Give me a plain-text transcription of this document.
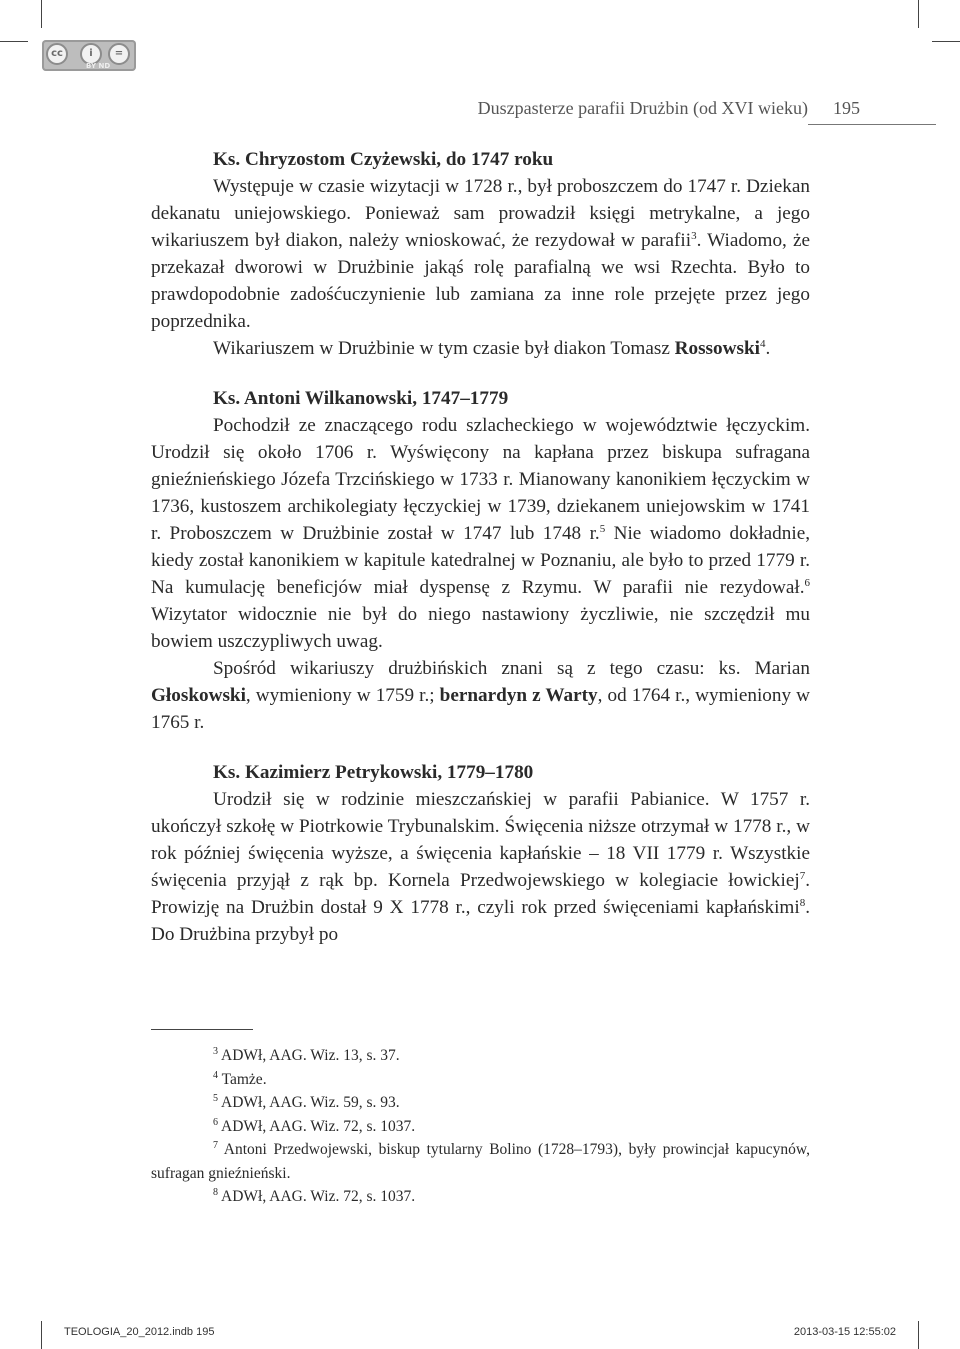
cc	i	=
BY ND
Duszpasterze parafii Drużbin (od XVI wieku) 195
Ks. Chryzostom Czyżewski, do 1747 roku

Występuje w czasie wizytacji w 1728 r., był proboszczem do 1747 r. Dziekan dekanatu uniejowskiego. Ponieważ sam prowadził księgi metrykalne, a jego wikariuszem był diakon, należy wnioskować, że rezydował w parafii$^3$. Wiadomo, że przekazał dworowi w Drużbinie jakąś rolę parafialną we wsi Rzechta. Było to prawdopodobnie zadośćuczynienie lub zamiana za inne role przejęte przez jego poprzednika.

Wikariuszem w Drużbinie w tym czasie był diakon Tomasz Rossowski$^4$.

Ks. Antoni Wilkanowski, 1747–1779

Pochodził ze znaczącego rodu szlacheckiego w województwie łęczyckim. Urodził się około 1706 r. Wyświęcony na kapłana przez biskupa sufragana gnieźnieńskiego Józefa Trzcińskiego w 1733 r. Mianowany kanonikiem łęczyckim w 1736, kustoszem archikolegiaty łęczyckiej w 1739, dziekanem uniejowskim w 1741 r. Proboszczem w Drużbinie został w 1747 lub 1748 r.$^5$ Nie wiadomo dokładnie, kiedy został kanonikiem w kapitule katedralnej w Poznaniu, ale było to przed 1779 r. Na kumulację beneficjów miał dyspensę z Rzymu. W parafii nie rezydował.$^6$ Wizytator widocznie nie był do niego nastawiony życzliwie, nie szczędził mu bowiem uszczypliwych uwag.

Spośród wikariuszy drużbińskich znani są z tego czasu: ks. Marian Głoskowski, wymieniony w 1759 r.; bernardyn z Warty, od 1764 r., wymieniony w 1765 r.

Ks. Kazimierz Petrykowski, 1779–1780

Urodził się w rodzinie mieszczańskiej w parafii Pabianice. W 1757 r. ukończył szkołę w Piotrkowie Trybunalskim. Święcenia niższe otrzymał w 1778 r., w rok później święcenia wyższe, a święcenia kapłańskie – 18 VII 1779 r. Wszystkie święcenia przyjął z rąk bp. Kornela Przedwojewskiego w kolegiacie łowickiej$^7$. Prowizję na Drużbin dostał 9 X 1778 r., czyli rok przed święceniami kapłańskimi$^8$. Do Drużbina przybył po

$^3$ ADWł, AAG. Wiz. 13, s. 37.
$^4$ Tamże.
$^5$ ADWł, AAG. Wiz. 59, s. 93.
$^6$ ADWł, AAG. Wiz. 72, s. 1037.
$^7$ Antoni Przedwojewski, biskup tytularny Bolino (1728–1793), były prowincjał kapucynów, sufragan gnieźnieński.
$^8$ ADWł, AAG. Wiz. 72, s. 1037.
TEOLOGIA_20_2012.indb 195	2013-03-15 12:55:02
